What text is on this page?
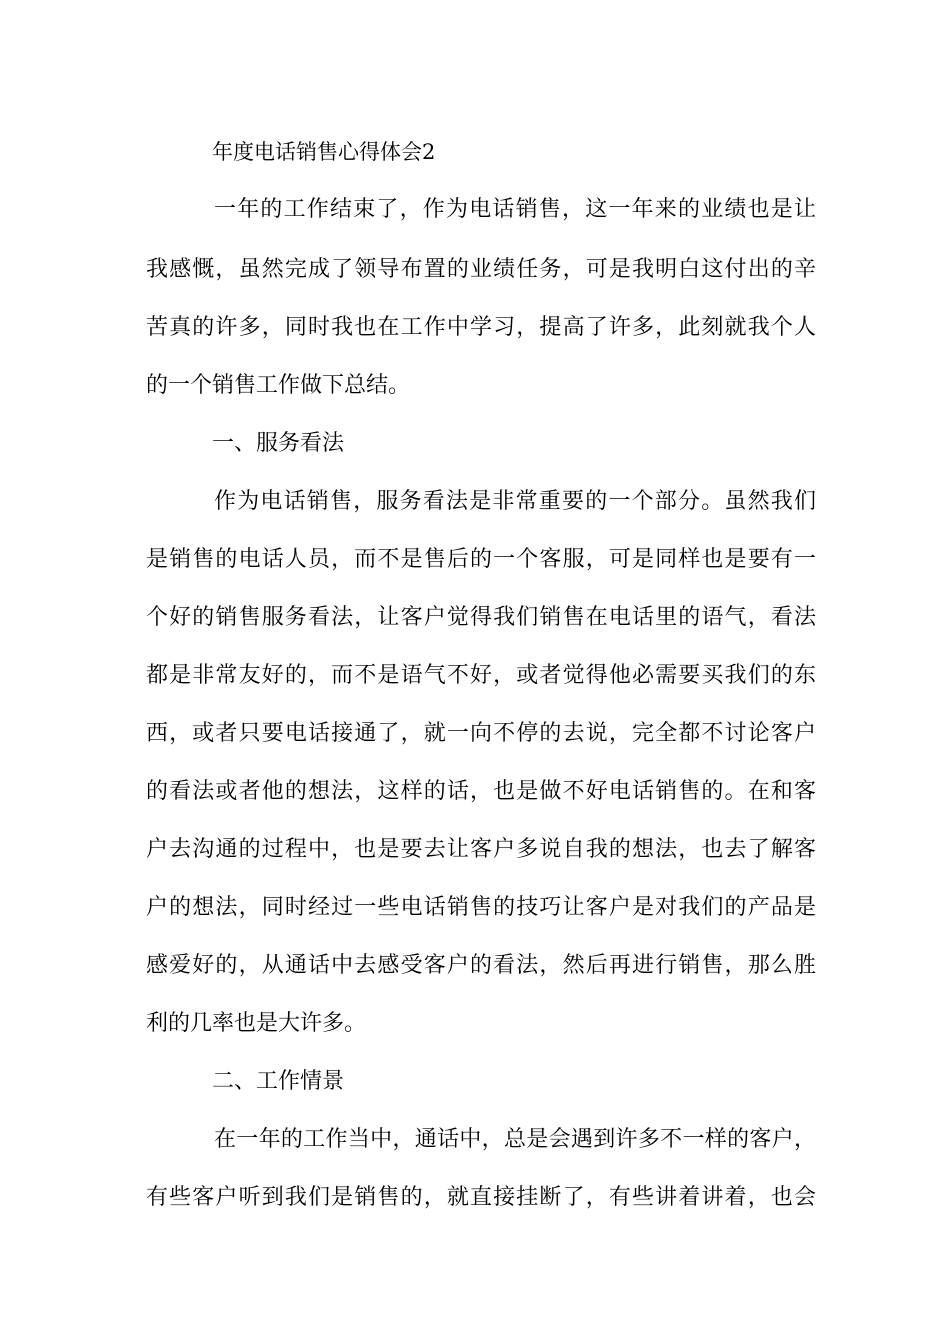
年度电话销售心得体会2
一年的工作结束了，作为电话销售，这一年来的业绩也是让
我感慨，虽然完成了领导布置的业绩任务，可是我明白这付出的辛
苦真的许多，同时我也在工作中学习，提高了许多，此刻就我个人
的一个销售工作做下总结。
一、服务看法
作为电话销售，服务看法是非常重要的一个部分。虽然我们
是销售的电话人员，而不是售后的一个客服，可是同样也是要有一
个好的销售服务看法，让客户觉得我们销售在电话里的语气，看法
都是非常友好的，而不是语气不好，或者觉得他必需要买我们的东
西，或者只要电话接通了，就一向不停的去说，完全都不讨论客户
的看法或者他的想法，这样的话，也是做不好电话销售的。在和客
户去沟通的过程中，也是要去让客户多说自我的想法，也去了解客
户的想法，同时经过一些电话销售的技巧让客户是对我们的产品是
感爱好的，从通话中去感受客户的看法，然后再进行销售，那么胜
利的几率也是大许多。
二、工作情景
在一年的工作当中，通话中，总是会遇到许多不一样的客户，
有些客户听到我们是销售的，就直接挂断了，有些讲着讲着，也会
